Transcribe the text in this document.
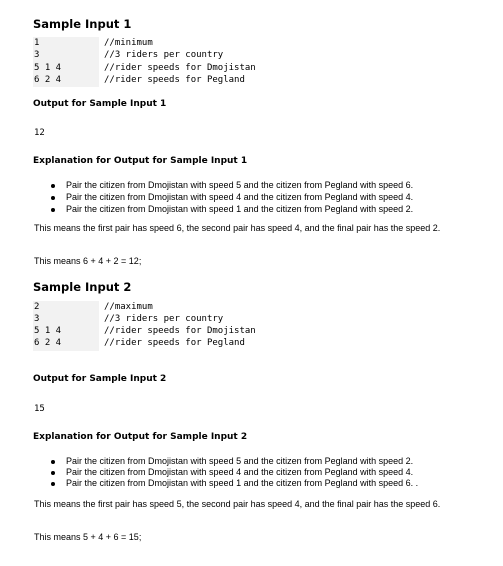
Sample Input 1
1	//minimum
3	//3 riders per country
5 1 4	//rider speeds for Dmojistan
6 2 4	//rider speeds for Pegland
Output for Sample Input 1
12
Explanation for Output for Sample Input 1
Pair the citizen from Dmojistan with speed 5 and the citizen from Pegland with speed 6.
Pair the citizen from Dmojistan with speed 4 and the citizen from Pegland with speed 4.
Pair the citizen from Dmojistan with speed 1 and the citizen from Pegland with speed 2.
This means the first pair has speed 6, the second pair has speed 4, and the final pair has the speed 2.
This means 6 + 4 + 2 = 12;
Sample Input 2
2	//maximum
3	//3 riders per country
5 1 4	//rider speeds for Dmojistan
6 2 4	//rider speeds for Pegland
Output for Sample Input 2
15
Explanation for Output for Sample Input 2
Pair the citizen from Dmojistan with speed 5 and the citizen from Pegland with speed 2.
Pair the citizen from Dmojistan with speed 4 and the citizen from Pegland with speed 4.
Pair the citizen from Dmojistan with speed 1 and the citizen from Pegland with speed 6. .
This means the first pair has speed 5, the second pair has speed 4, and the final pair has the speed 6.
This means 5 + 4 + 6 = 15;
